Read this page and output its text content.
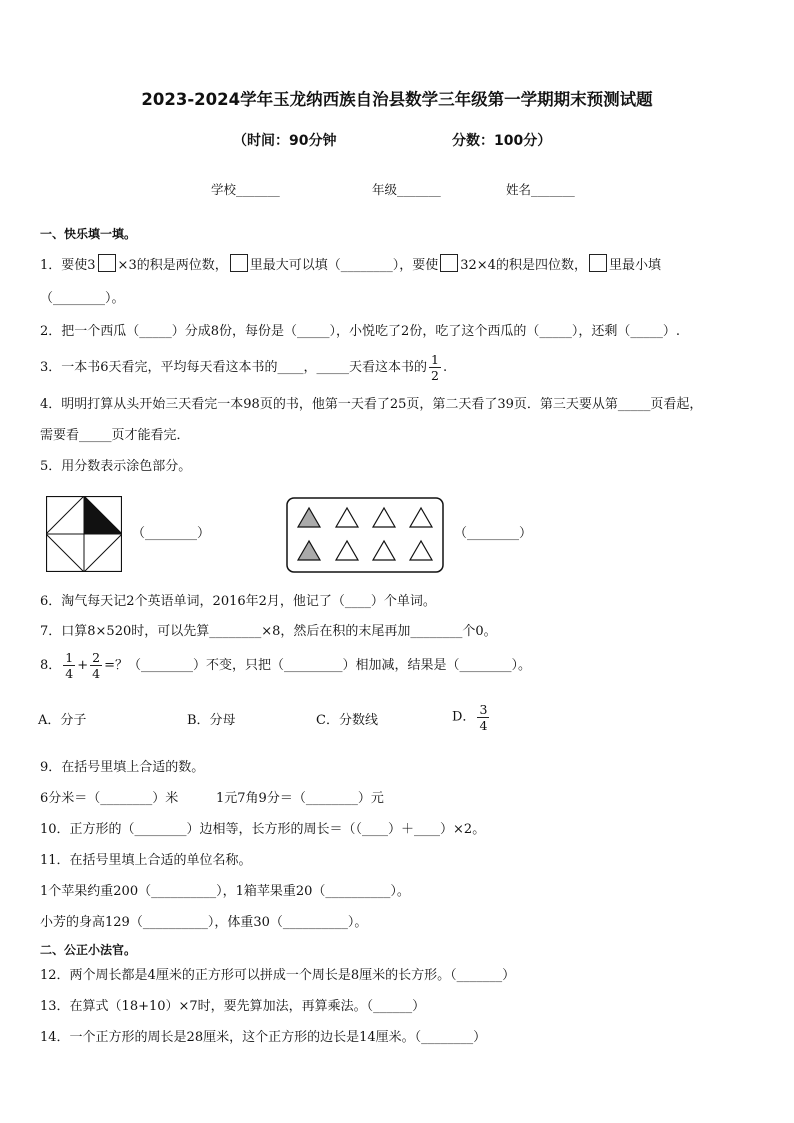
2023-2024学年玉龙纳西族自治县数学三年级第一学期期末预测试题
（时间：90分钟	分数：100分）
学校_______	年级_______	姓名_______
一、快乐填一填。
1．要使3 ×3的积是两位数， 里最大可以填（________），要使 32×4的积是四位数， 里最小填
（________）。
2．把一个西瓜（_____）分成8份，每份是（_____），小悦吃了2份，吃了这个西瓜的（_____），还剩（_____）.
3．一本书6天看完，平均每天看这本书的____，_____天看这本书的 $\frac{1}{2}$ .
4．明明打算从头开始三天看完一本98页的书，他第一天看了25页，第二天看了39页．第三天要从第_____页看起，
需要看_____页才能看完．
5．用分数表示涂色部分。
（________）	（________）
6．淘气每天记2个英语单词，2016年2月，他记了（____）个单词。
7．口算8×520时，可以先算________×8，然后在积的末尾再加________个0。
8． $\frac{1}{4} + \frac{2}{4}$ =？（________）不变，只把（_________）相加减，结果是（________）。
A．分子	B．分母	C．分数线	D． $\frac{3}{4}$
9．在括号里填上合适的数。
6分米＝（________）米	1元7角9分＝（________）元
10．正方形的（________）边相等，长方形的周长＝（（____）＋____）×2。
11．在括号里填上合适的单位名称。
1个苹果约重200（__________），1箱苹果重20（__________）。
小芳的身高129（__________），体重30（__________）。
二、公正小法官。
12．两个周长都是4厘米的正方形可以拼成一个周长是8厘米的长方形。（_______）
13．在算式（18+10）×7时，要先算加法，再算乘法。（______）
14．一个正方形的周长是28厘米，这个正方形的边长是14厘米。（________）
